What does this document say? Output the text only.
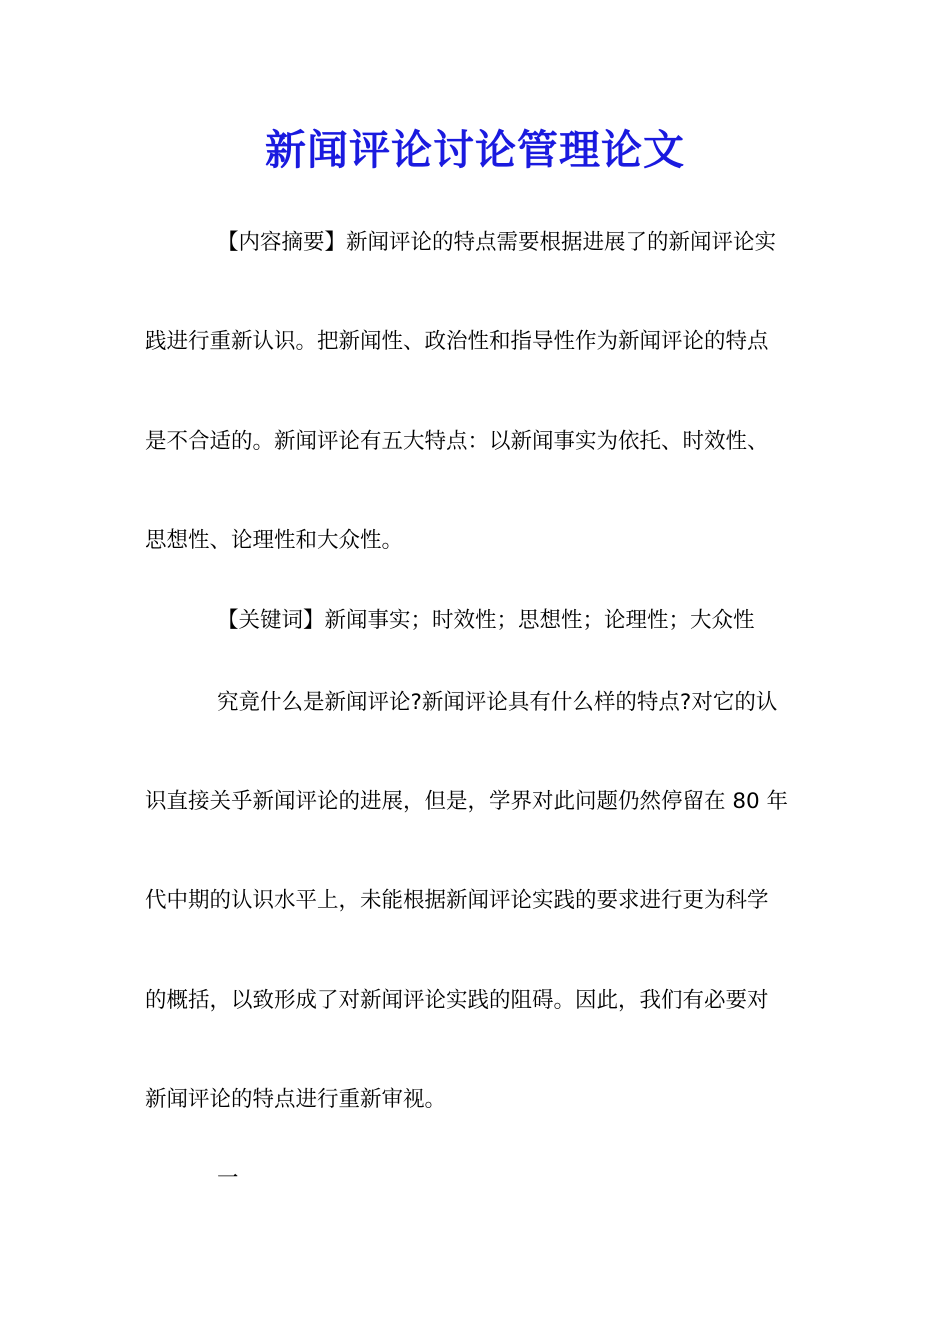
新闻评论讨论管理论文
【内容摘要】新闻评论的特点需要根据进展了的新闻评论实
践进行重新认识。把新闻性、政治性和指导性作为新闻评论的特点
是不合适的。新闻评论有五大特点：以新闻事实为依托、时效性、
思想性、论理性和大众性。
【关键词】新闻事实；时效性；思想性；论理性；大众性
究竟什么是新闻评论?新闻评论具有什么样的特点?对它的认
识直接关乎新闻评论的进展，但是，学界对此问题仍然停留在 80 年
代中期的认识水平上，未能根据新闻评论实践的要求进行更为科学
的概括，以致形成了对新闻评论实践的阻碍。因此，我们有必要对
新闻评论的特点进行重新审视。
一
